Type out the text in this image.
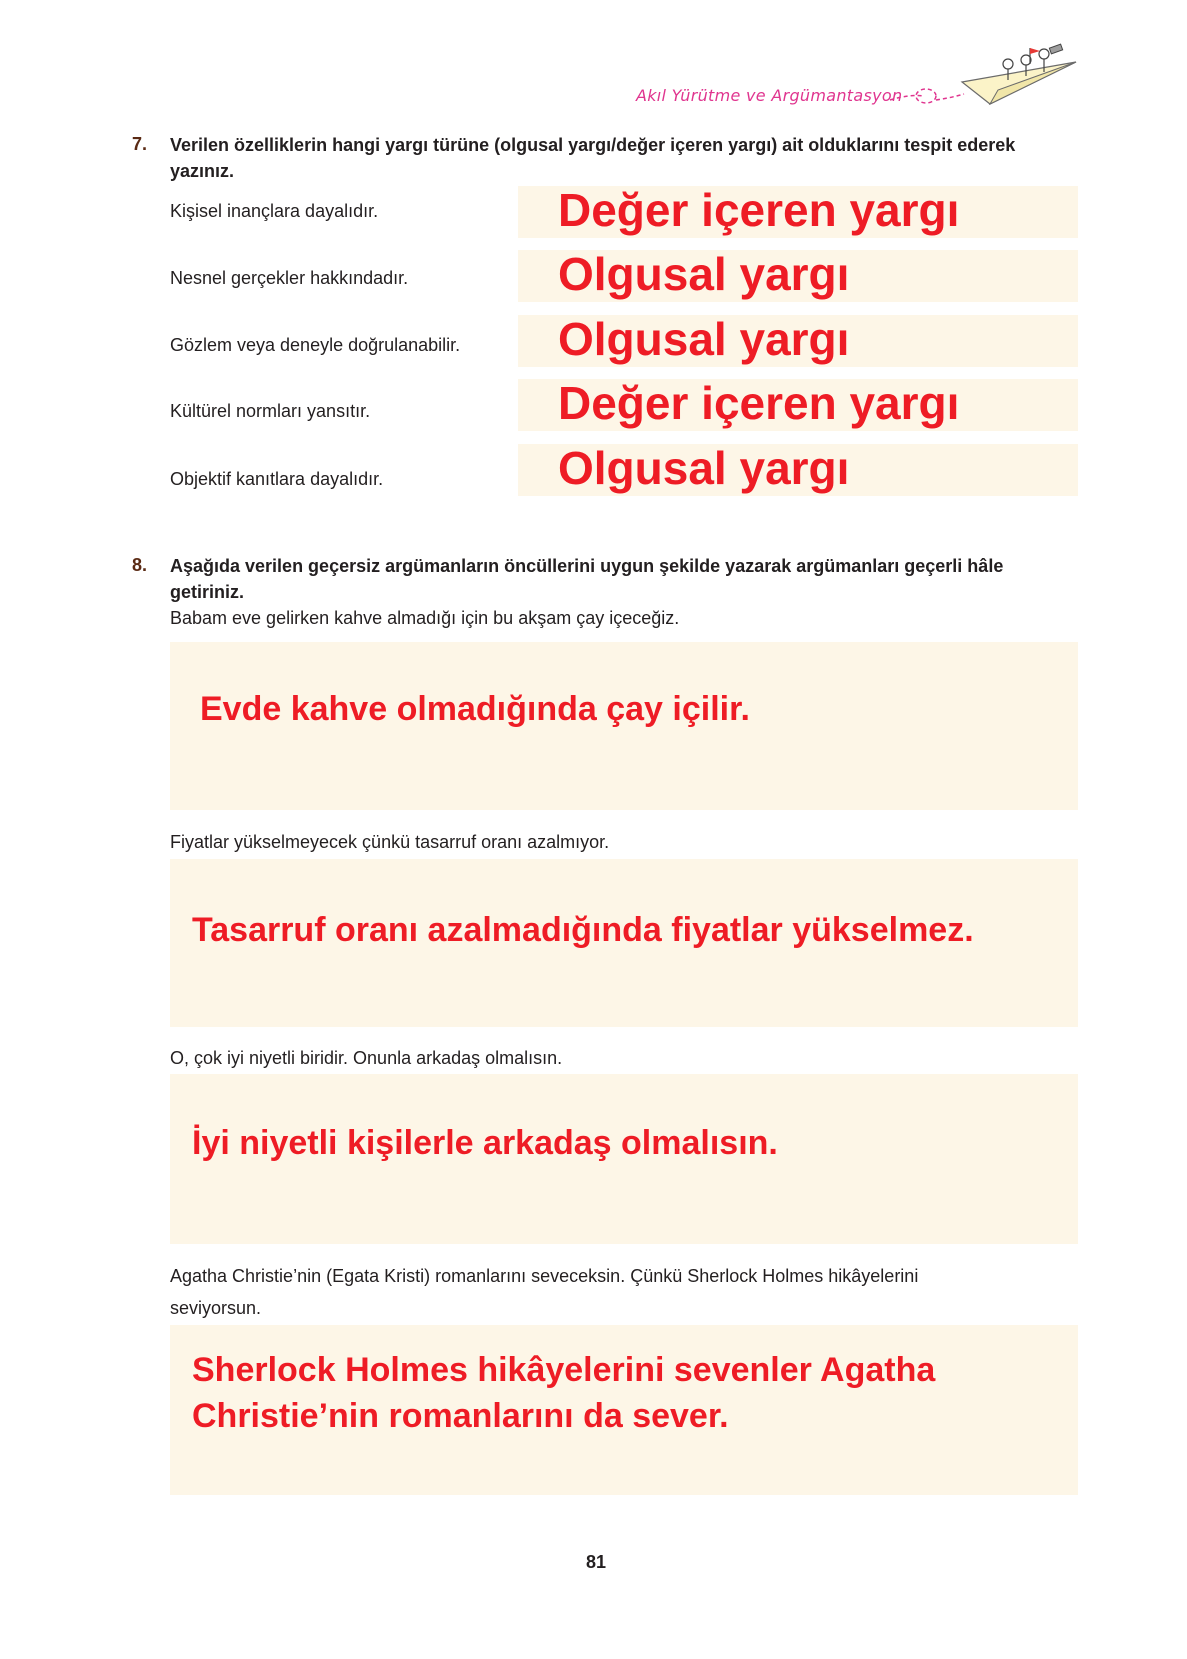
Akıl Yürütme ve Argümantasyon
7. Verilen özelliklerin hangi yargı türüne (olgusal yargı/değer içeren yargı) ait olduklarını tespit ederek
yazınız.
Kişisel inançlara dayalıdır.	Değer içeren yargı
Nesnel gerçekler hakkındadır.	Olgusal yargı
Gözlem veya deneyle doğrulanabilir. Olgusal yargı
Kültürel normları yansıtır.	Değer içeren yargı
Objektif kanıtlara dayalıdır.	Olgusal yargı
8. Aşağıda verilen geçersiz argümanların öncüllerini uygun şekilde yazarak argümanları geçerli hâle
getiriniz.
Babam eve gelirken kahve almadığı için bu akşam çay içeceğiz.
Evde kahve olmadığında çay içilir.
Fiyatlar yükselmeyecek çünkü tasarruf oranı azalmıyor.
Tasarruf oranı azalmadığında fiyatlar yükselmez.
O, çok iyi niyetli biridir. Onunla arkadaş olmalısın.
İyi niyetli kişilerle arkadaş olmalısın.
Agatha Christie’nin (Egata Kristi) romanlarını seveceksin. Çünkü Sherlock Holmes hikâyelerini
seviyorsun.
Sherlock Holmes hikâyelerini sevenler Agatha
Christie’nin romanlarını da sever.
81
